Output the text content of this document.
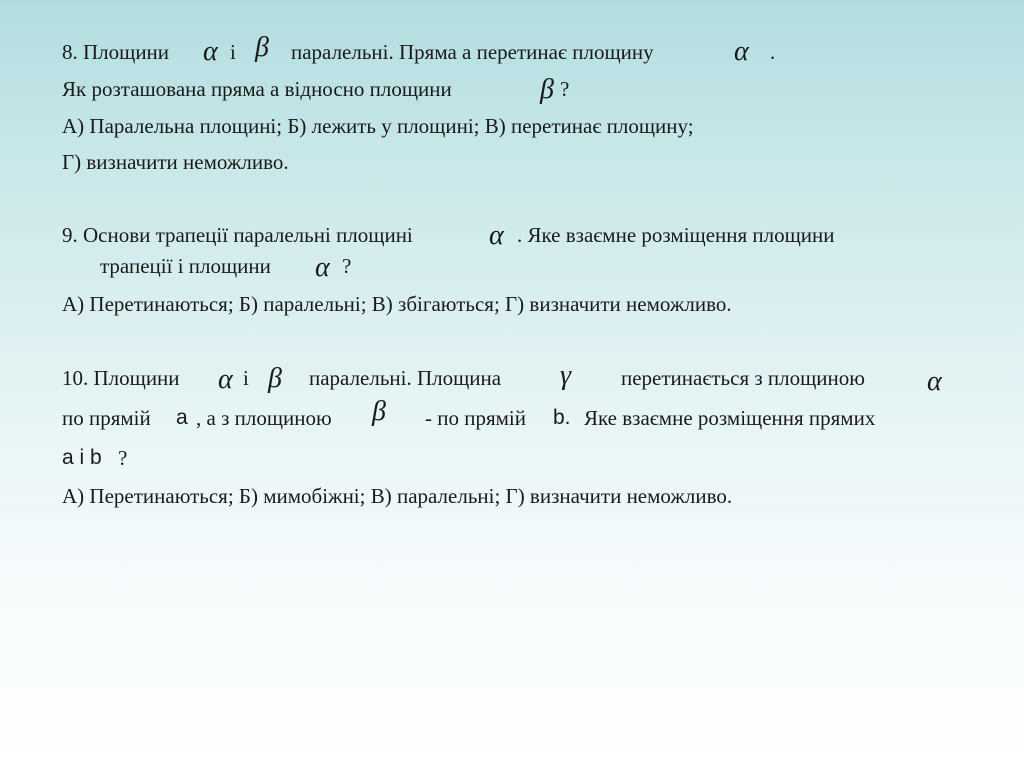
8. Площини α і β паралельні. Пряма а перетинає площину	α .
Як розташована пряма а відносно площини	β ?
А) Паралельна площині; Б) лежить у площині; В) перетинає площину;
Г) визначити неможливо.
9. Основи трапеції паралельні площині	α . Яке взаємне розміщення площини
трапеції і площини α ?
А) Перетинаються; Б) паралельні; В) збігаються; Г) визначити неможливо.
10. Площини α і β паралельні. Площина γ перетинається з площиною α
по прямій а , а з площиною β - по прямій b. Яке взаємне розміщення прямих
а і b ?
А) Перетинаються; Б) мимобіжні; В) паралельні; Г) визначити неможливо.
